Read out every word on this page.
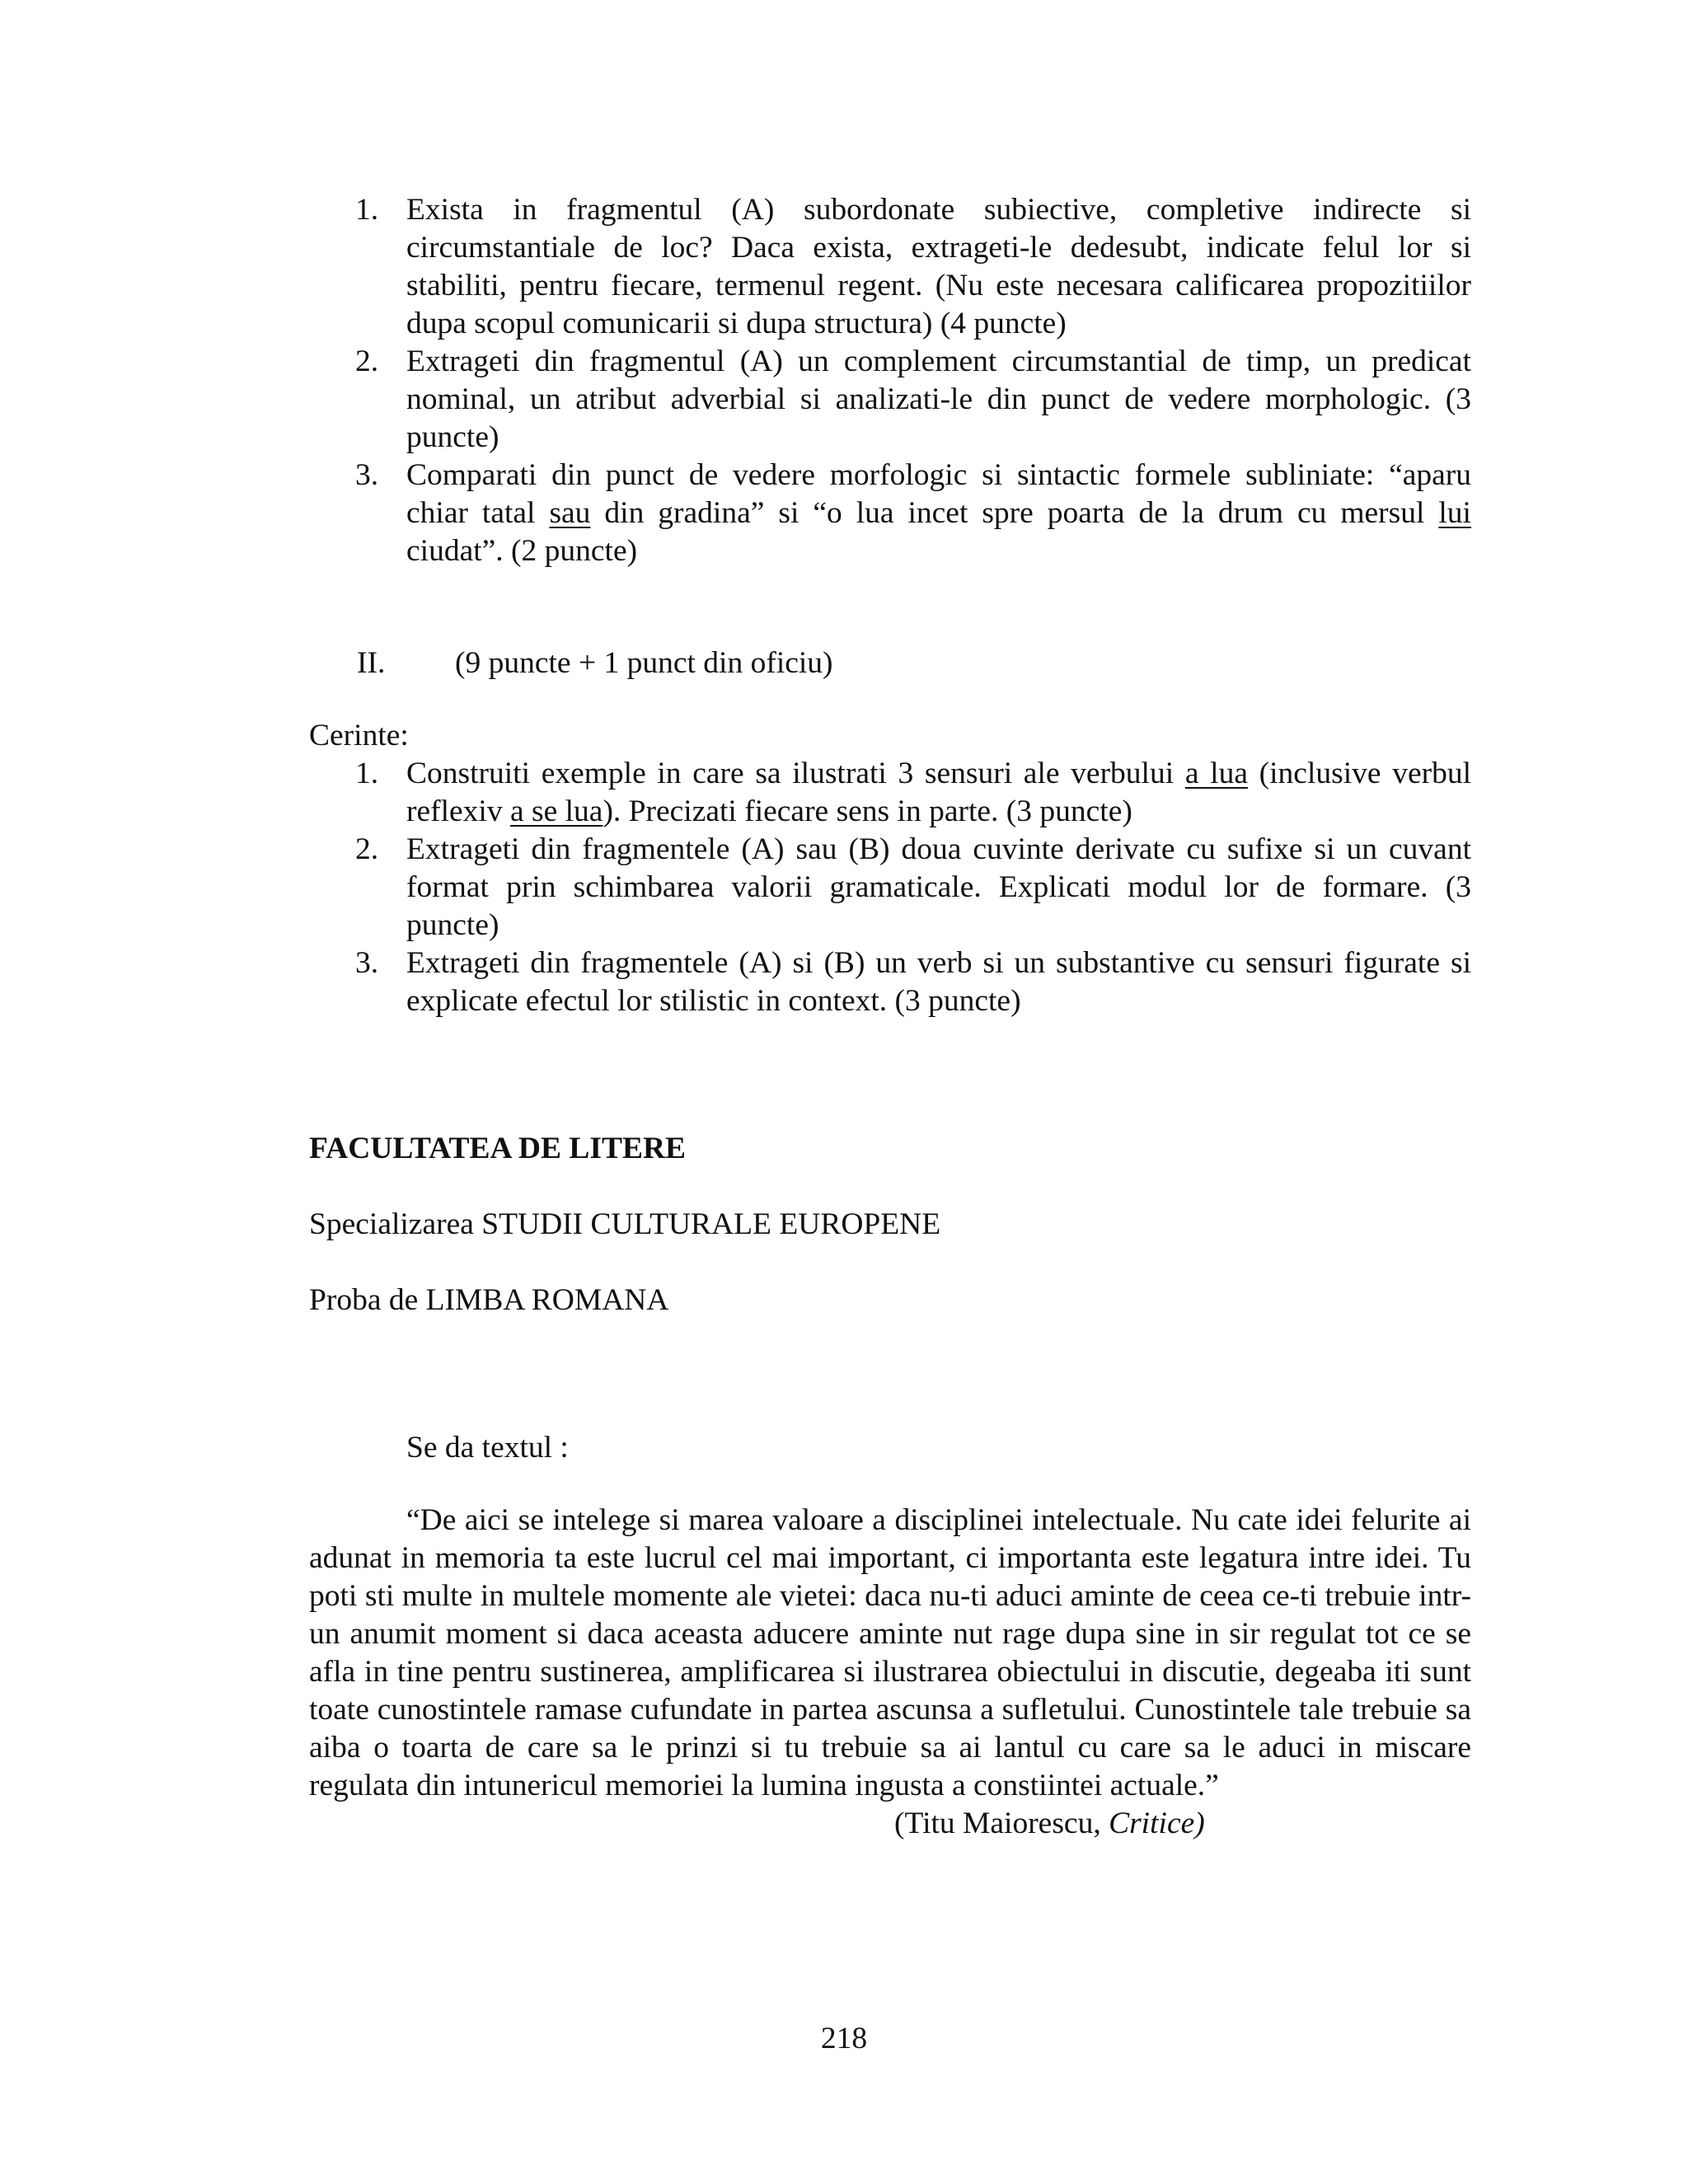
1. Exista in fragmentul (A) subordonate subiective, completive indirecte si circumstantiale de loc? Daca exista, extrageti-le dedesubt, indicate felul lor si stabiliti, pentru fiecare, termenul regent. (Nu este necesara calificarea propozitiilor dupa scopul comunicarii si dupa structura) (4 puncte)
2. Extrageti din fragmentul (A) un complement circumstantial de timp, un predicat nominal, un atribut adverbial si analizati-le din punct de vedere morphologic. (3 puncte)
3. Comparati din punct de vedere morfologic si sintactic formele subliniate: “aparu chiar tatal sau din gradina” si “o lua incet spre poarta de la drum cu mersul lui ciudat”. (2 puncte)
II. (9 puncte + 1 punct din oficiu)
Cerinte:
1. Construiti exemple in care sa ilustrati 3 sensuri ale verbului a lua (inclusive verbul reflexiv a se lua). Precizati fiecare sens in parte. (3 puncte)
2. Extrageti din fragmentele (A) sau (B) doua cuvinte derivate cu sufixe si un cuvant format prin schimbarea valorii gramaticale. Explicati modul lor de formare. (3 puncte)
3. Extrageti din fragmentele (A) si (B) un verb si un substantive cu sensuri figurate si explicate efectul lor stilistic in context. (3 puncte)
FACULTATEA DE LITERE
Specializarea STUDII CULTURALE EUROPENE
Proba de LIMBA ROMANA
Se da textul :
“De aici se intelege si marea valoare a disciplinei intelectuale. Nu cate idei felurite ai adunat in memoria ta este lucrul cel mai important, ci importanta este legatura intre idei. Tu poti sti multe in multele momente ale vietei: daca nu-ti aduci aminte de ceea ce-ti trebuie intr-un anumit moment si daca aceasta aducere aminte nut rage dupa sine in sir regulat tot ce se afla in tine pentru sustinerea, amplificarea si ilustrarea obiectului in discutie, degeaba iti sunt toate cunostintele ramase cufundate in partea ascunsa a sufletului. Cunostintele tale trebuie sa aiba o toarta de care sa le prinzi si tu trebuie sa ai lantul cu care sa le aduci in miscare regulata din intunericul memoriei la lumina ingusta a constiintei actuale.”
(Titu Maiorescu, Critice)
218
